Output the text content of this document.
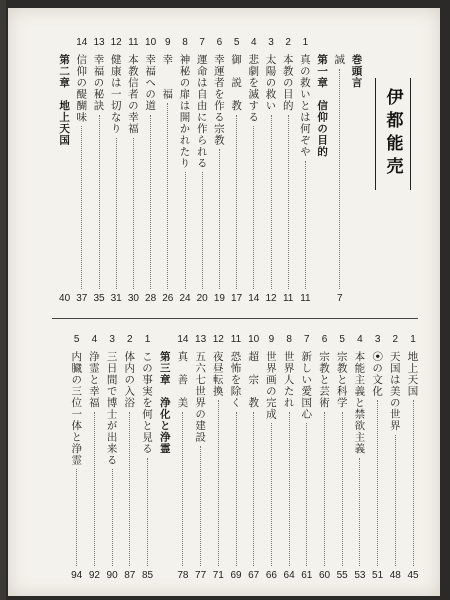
伊都能売
巻頭言
誠
7
第一章　信仰の目的
1
真の救いとは何ぞや
11
2
本教の目的
11
3
太陽の救い
12
4
悲劇を滅する
14
5
御　説　教
17
6
幸運者を作る宗教
19
7
運命は自由に作られる
20
8
神秘の扉は開かれたり
24
9
幸　　福
26
10
幸福への道
28
11
本教信者の幸福
30
12
健康は一切なり
31
13
幸福の秘訣
35
14
信仰の醍醐味
37
第二章　地上天国
40
1
地上天国
45
2
天国は美の世界
48
3
⦿の文化
51
4
本能主義と禁欲主義
53
5
宗教と科学
55
6
宗教と芸術
60
7
新しい愛国心
61
8
世界人たれ
64
9
世界画の完成
66
10
超　宗　教
67
11
恐怖を除く
69
12
夜昼転換
71
13
五六七世界の建設
77
14
真　善　美
78
第三章　浄化と浄霊
1
この事実を何と見る
85
2
体内の入浴
87
3
三日間で博士が出来る
90
4
浄霊と幸福
92
5
内臓の三位一体と浄霊
94
